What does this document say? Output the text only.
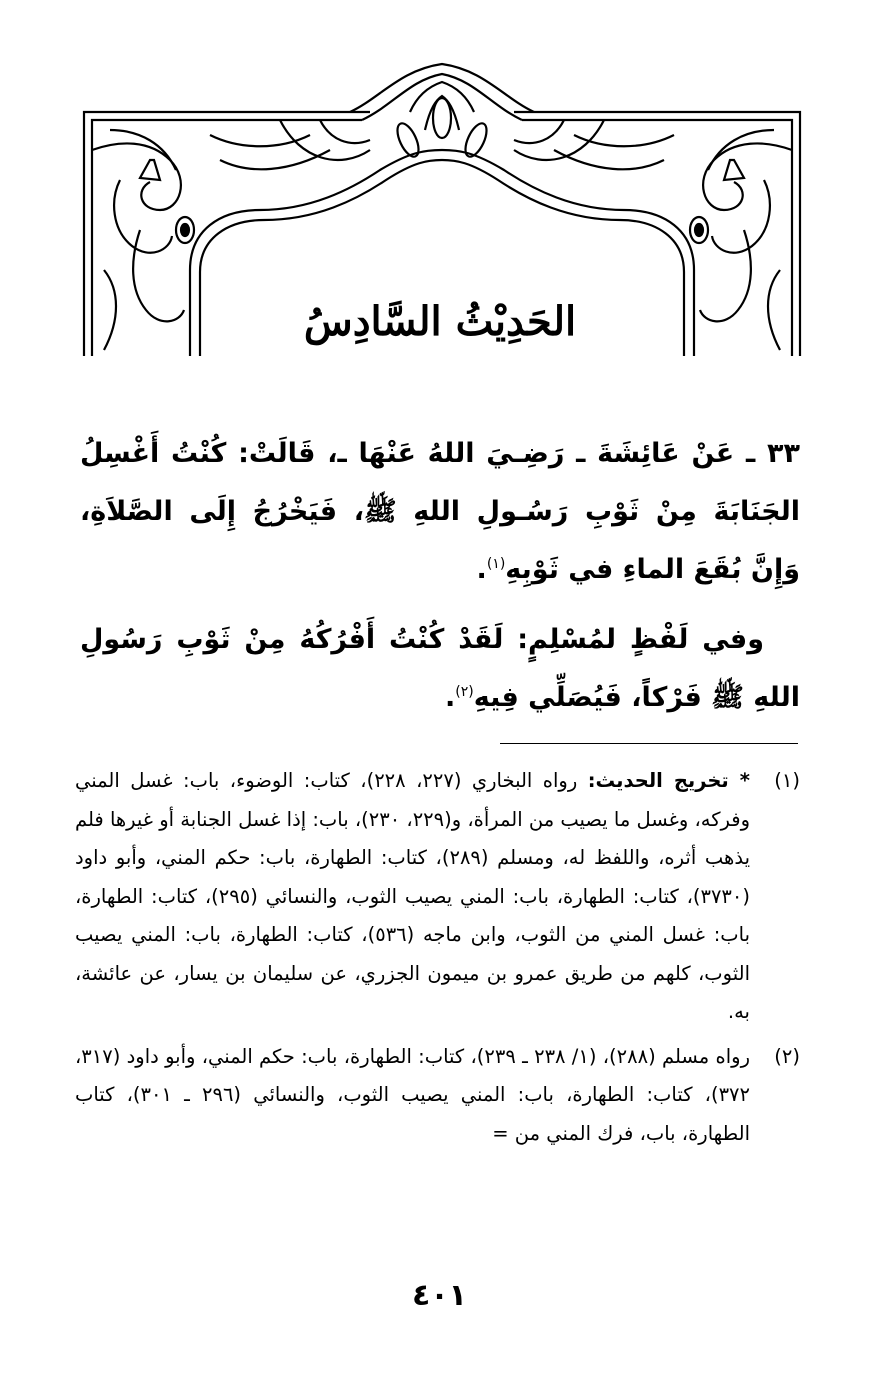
الحَدِيْثُ السَّادِسُ

٣٣ ـ عَنْ عَائِشَةَ ـ رَضِـيَ اللهُ عَنْهَا ـ، قَالَتْ: كُنْتُ أَغْسِلُ الجَنَابَةَ مِنْ ثَوْبِ رَسُـولِ اللهِ ﷺ، فَيَخْرُجُ إِلَى الصَّلاَةِ، وَإِنَّ بُقَعَ الماءِ في ثَوْبِهِ$^{(١)}$.

وفي لَفْظٍ لمُسْلِمٍ: لَقَدْ كُنْتُ أَفْرُكُهُ مِنْ ثَوْبِ رَسُولِ اللهِ ﷺ فَرْكاً، فَيُصَلِّي فِيهِ$^{(٢)}$.

(١)
* تخريج الحديث: رواه البخاري (٢٢٧، ٢٢٨)، كتاب: الوضوء، باب: غسل المني وفركه، وغسل ما يصيب من المرأة، و(٢٢٩، ٢٣٠)، باب: إذا غسل الجنابة أو غيرها فلم يذهب أثره، واللفظ له، ومسلم (٢٨٩)، كتاب: الطهارة، باب: حكم المني، وأبو داود (٣٧٣٠)، كتاب: الطهارة، باب: المني يصيب الثوب، والنسائي (٢٩٥)، كتاب: الطهارة، باب: غسل المني من الثوب، وابن ماجه (٥٣٦)، كتاب: الطهارة، باب: المني يصيب الثوب، كلهم من طريق عمرو بن ميمون الجزري، عن سليمان بن يسار، عن عائشة، به.
(٢)
رواه مسلم (٢٨٨)، (١/ ٢٣٨ ـ ٢٣٩)، كتاب: الطهارة، باب: حكم المني، وأبو داود (٣١٧، ٣٧٢)، كتاب: الطهارة، باب: المني يصيب الثوب، والنسائي (٢٩٦ ـ ٣٠١)، كتاب الطهارة، باب، فرك المني من =
٤٠١
